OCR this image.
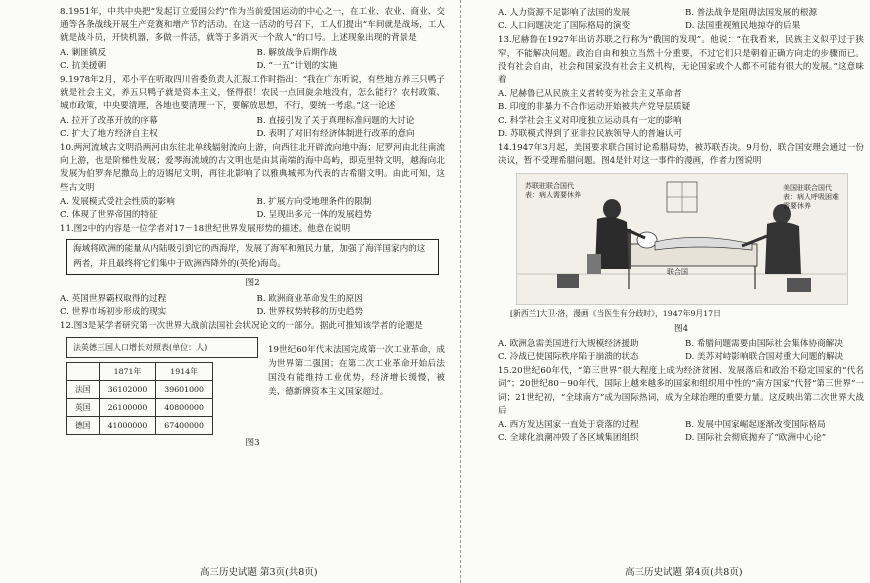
8.1951年，中共中央把“发起订立爱国公约”作为当前爱国运动的中心之一，在工业、农业、商业、交通等各条战线开展生产竞赛和增产节约活动。在这一活动的号召下，工人们提出“车间就是战场，工人就是战斗员，开快机器，多做一件活，就等于多消灭一个敌人”的口号。上述现象出现的背景是

A. 剿匪镇反	B. 解放战争后期作战
C. 抗美援朝	D. “一五”计划的实施

9.1978年2月，邓小平在听取四川省委负责人汇报工作时指出：“我在广东听说，有些地方养三只鸭子就是社会主义，养五只鸭子就是资本主义，怪得很！农民一点回旋余地没有，怎么能行？农村政策、城市政策，中央要清理，各地也要清理一下，要解放思想，不行，要统一考虑。”这一论述

A. 拉开了改革开放的序幕	B. 直接引发了关于真理标准问题的大讨论
C. 扩大了地方经济自主权	D. 表明了对旧有经济体制进行改革的意向

10.两河流域古文明沿两河由东往北单线辐射流向上游，向西往北开辟流向地中海；尼罗河由北往南流向上游，也是阶梯性发展；爱琴海流域的古文明也是由其南端的海中岛屿，即克里特文明，越海向北发展为伯罗奔尼撒岛上的迈锡尼文明，再往北影响了以雅典城邦为代表的古希腊文明。由此可知，这些古文明

A. 发展模式受社会性质的影响	B. 扩展方向受地理条件的限制
C. 体现了世界帝国的特征	D. 呈现出多元一体的发展趋势

11.图2中的内容是一位学者对17－18世纪世界发展形势的描述。他意在说明

海域将欧洲的能量从内陆吸引到它的西海岸，发展了海军和殖民力量，加强了海洋国家内的这两者，并且最终将它们集中于欧洲西降外的(英伦)海岛。
图2
A. 英国世界霸权取得的过程	B. 欧洲商业革命发生的原因
C. 世界市场初步形成的现实	D. 世界权势转移的历史趋势

12.图3是某学者研究第一次世界大战前法国社会状况论文的一部分。据此可推知该学者的论题是

法英德三国人口增长对照表(单位：人)
	1871年	1914年
法国	36102000	39601000
英国	26100000	40800000
德国	41000000	67400000
19世纪60年代末法国完成第一次工业革命，成为世界第二强国；在第二次工业革命开始后法国没有能维持工业优势，经济增长缓慢，被美、德新牌资本主义国家超过。
图3
高三历史试题 第3页(共8页)
A. 人力资源不足影响了法国的发展	B. 普法战争是阻碍法国发展的根源
C. 人口问题决定了国际格局的演变	D. 法国重视殖民地掠夺的后果

13.尼赫鲁在1927年出访苏联之行称为“俄国的发现”。他说：“在我看来，民族主义似乎过于狭窄，不能解决问题。政治自由和独立当然十分重要，不过它们只是朝着正确方向走的步骤而已。没有社会自由，社会和国家没有社会主义机构，无论国家或个人都不可能有很大的发展。”这意味着

A. 尼赫鲁已从民族主义者转变为社会主义革命者
B. 印度的非暴力不合作运动开始被共产党导层质疑
C. 科学社会主义对印度独立运动具有一定的影响
D. 苏联模式得到了亚非拉民族领导人的普遍认可

14.1947年3月起，美国要求联合国讨论希腊局势，被苏联否决。9月份，联合国安理会通过一份决议，暂不受理希腊问题。图4是针对这一事件的漫画，作者力图说明

苏联驻联合国代表：病人需要休养
美国驻联合国代表：病人呼吸困难需要休养
联合国
[新西兰]大卫·洛，漫画《当医生有分歧时》，1947年9月17日
图4
A. 欧洲急需美国进行大规模经济援助	B. 希腊问题需要由国际社会集体协商解决
C. 冷战已使国际秩序陷于崩溃的状态	D. 美苏对峙影响联合国对重大问题的解决

15.20世纪60年代，“第三世界”很大程度上成为经济贫困、发展落后和政治不稳定国家的“代名词”；20世纪80－90年代，国际上越来越多的国家和组织用中性的“南方国家”代替“第三世界”一词；21世纪初，“全球南方”成为国际热词，成为全球治理的重要力量。这反映出第二次世界大战后

A. 西方发达国家一直处于衰落的过程	B. 发展中国家崛起逐渐改变国际格局
C. 全球化浪潮冲毁了各区域集团组织	D. 国际社会彻底抛弃了“欧洲中心论”
高三历史试题 第4页(共8页)
